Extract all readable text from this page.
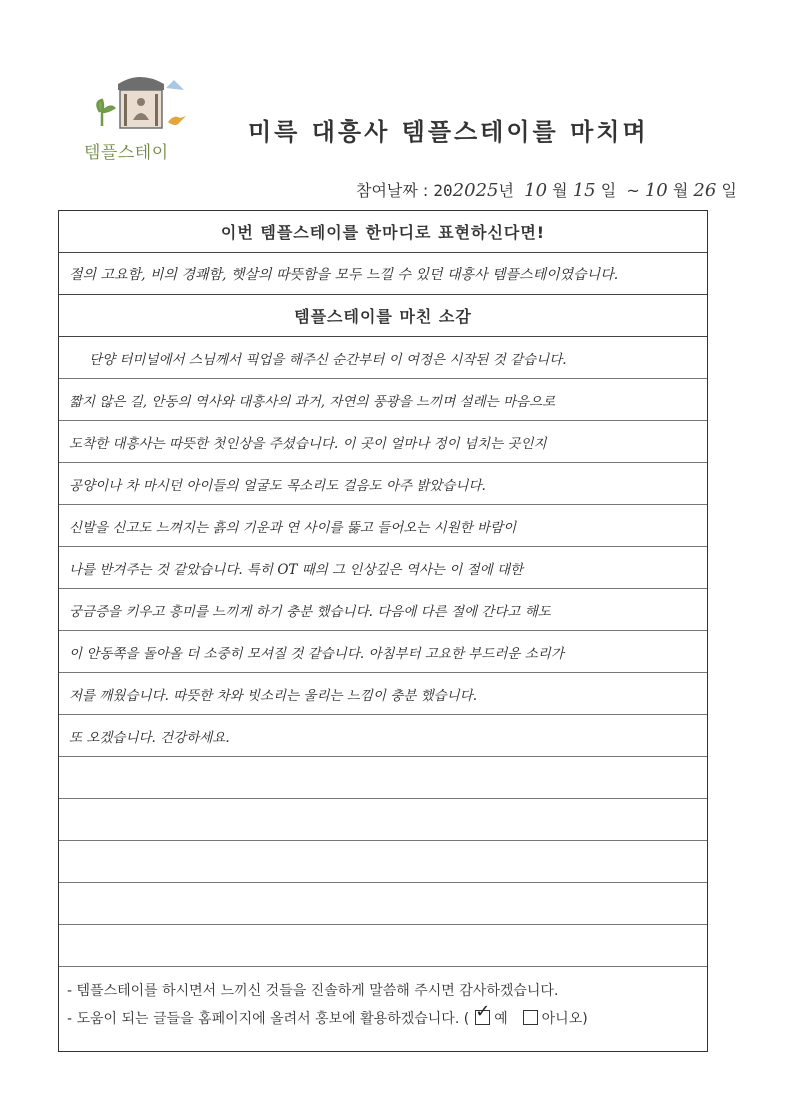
템플스테이
미륵 대흥사 템플스테이를 마치며
참여날짜 : 202025년 10 월 15 일 ~ 10 월 26 일
이번 템플스테이를 한마디로 표현하신다면!
절의 고요함, 비의 경쾌함, 햇살의 따뜻함을 모두 느낄 수 있던 대흥사 템플스테이였습니다.
템플스테이를 마친 소감
단양 터미널에서 스님께서 픽업을 해주신 순간부터 이 여정은 시작된 것 같습니다.
짧지 않은 길, 안동의 역사와 대흥사의 과거, 자연의 풍광을 느끼며 설레는 마음으로
도착한 대흥사는 따뜻한 첫인상을 주셨습니다. 이 곳이 얼마나 정이 넘치는 곳인지
공양이나 차 마시던 아이들의 얼굴도 목소리도 걸음도 아주 밝았습니다.
신발을 신고도 느껴지는 흙의 기운과 연 사이를 뚫고 들어오는 시원한 바람이
나를 반겨주는 것 같았습니다. 특히 OT 때의 그 인상깊은 역사는 이 절에 대한
궁금증을 키우고 흥미를 느끼게 하기 충분 했습니다. 다음에 다른 절에 간다고 해도
이 안동쪽을 돌아올 더 소중히 모셔질 것 같습니다. 아침부터 고요한 부드러운 소리가
저를 깨웠습니다. 따뜻한 차와 빗소리는 울리는 느낌이 충분 했습니다.
또 오겠습니다. 건강하세요.
- 템플스테이를 하시면서 느끼신 것들을 진솔하게 말씀해 주시면 감사하겠습니다.
- 도움이 되는 글들을 홈페이지에 올려서 홍보에 활용하겠습니다. ( ✓ 예 아니오)
